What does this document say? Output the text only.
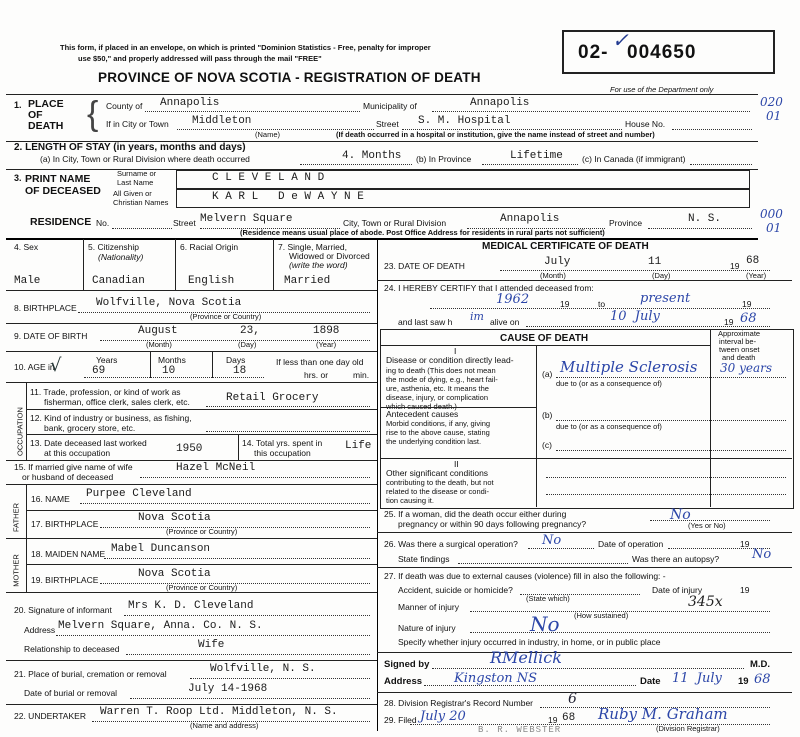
This form, if placed in an envelope, on which is printed "Dominion Statistics - Free, penalty for improper
use $50," and properly addressed will pass through the mail "FREE"
PROVINCE OF NOVA SCOTIA - REGISTRATION OF DEATH
02- 004650
✓
For use of the Department only
020
01
000
01
1. PLACE
OF
DEATH { County of Annapolis	Municipality of	Annapolis
If in City or Town Middleton
(Name)
Street S. M. Hospital	House No.
(If death occurred in a hospital or institution, give the name instead of street and number)
2. LENGTH OF STAY (in years, months and days)
(a) In City, Town or Rural Division where death occurred	4. Months (b) In Province	Lifetime (c) In Canada (if immigrant)
3. PRINT NAME
OF DECEASED
Surname or
Last Name
All Given or
Christian Names
C L E V E L A N D
K A R L   D e W A Y N E
RESIDENCE No.	Street Melvern Square	City, Town or Rural Division	Annapolis	Province	N. S.
(Residence means usual place of abode. Post Office Address for residents in rural parts not sufficient)
4. Sex	5. Citizenship
(Nationality)
6. Racial Origin	7. Single, Married,
Widowed or Divorced
(write the word)
Male	Canadian	English	Married
8. BIRTHPLACE Wolfville, Nova Scotia
(Province or Country)
9. DATE OF BIRTH	August	23,	1898
(Month)	(Day)	(Year)
10. AGE in
√	Years
69
Months
10
Days
18
If less than one day old
hrs. or	min.
OCCUPATION
11. Trade, profession, or kind of work as
fisherman, office clerk, sales clerk, etc.	Retail Grocery
12. Kind of industry or business, as fishing,
bank, grocery store, etc.
13. Date deceased last worked
at this occupation	1950	14. Total yrs. spent in
this occupation
Life
15. If married give name of wife
or husband of deceased
Hazel McNeil
FATHER
16. NAME Purpee Cleveland
17. BIRTHPLACE	Nova Scotia
(Province or Country)
MOTHER
18. MAIDEN NAME Mabel Duncanson
19. BIRTHPLACE	Nova Scotia
(Province or Country)
20. Signature of informant Mrs K. D. Cleveland
Address Melvern Square, Anna. Co. N. S.
Relationship to deceased	Wife
21. Place of burial, cremation or removal	Wolfville, N. S.
Date of burial or removal	July 14-1968
22. UNDERTAKER Warren T. Roop Ltd. Middleton, N. S.
(Name and address)	B. R. WEBSTER
MEDICAL CERTIFICATE OF DEATH
23. DATE OF DEATH	July	11	19 68
(Month)	(Day)	(Year)
24. I HEREBY CERTIFY that I attended deceased from:
1962	19	to	present	19
and last saw h im alive on	10  July	19 68
CAUSE OF DEATH	Approximate
interval be-
tween onset
and death
I
Disease or condition directly lead-
ing to death (This does not mean
the mode of dying, e.g., heart fail-
ure, asthenia, etc. It means the
disease, injury, or complication
(a) Multiple Sclerosis 30 years
due to (or as a consequence of)
Antecedent causes
Morbid conditions, if any, giving
rise to the above cause, stating
the underlying condition last.
(b)
due to (or as a consequence of)
(c)
II
Other significant conditions
contributing to the death, but not
related to the disease or condi-
tion causing it.
25. If a woman, did the death occur either during
pregnancy or within 90 days following pregnancy?
No
(Yes or No)
26. Was there a surgical operation? No	Date of operation	19
State findings	Was there an autopsy?	No
27. If death was due to external causes (violence) fill in also the following: -
Accident, suicide or homicide?
(State which)
Date of injury	19
345x
Manner of injury
(How sustained)
Nature of injury	No
Specify whether injury occurred in industry, in home, or in public place
Signed by	RMellick	M.D.
Address Kingston NS	Date 11  July 19 68
28. Division Registrar's Record Number 6
29. Filed July 20	19 68 Ruby M. Graham
(Division Registrar)
